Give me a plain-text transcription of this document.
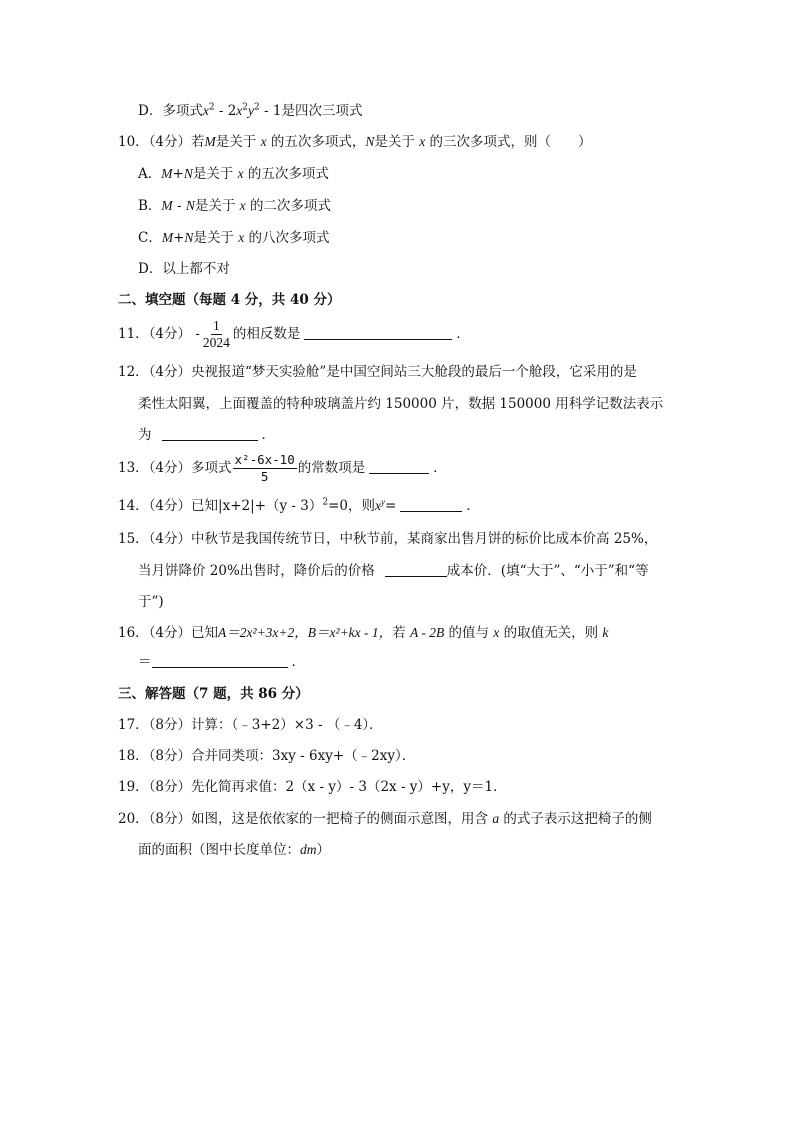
D．多项式$x^2 - 2x^2y^2 - 1$是四次三项式
10．（4分）若M是关于 x 的五次多项式，N是关于 x 的三次多项式，则（　　）
A．M+N是关于 x 的五次多项式
B．M - N是关于 x 的二次多项式
C．M+N是关于 x 的八次多项式
D．以上都不对
二、填空题（每题 4 分，共 40 分）
11．（4分） - $\frac{1}{2024}$ 的相反数是	．
12．（4分）央视报道“梦天实验舱”是中国空间站三大舱段的最后一个舱段，它采用的是
柔性太阳翼，上面覆盖的特种玻璃盖片约 150000 片，数据 150000 用科学记数法表示
为	．
13．（4分）多项式 $\frac{\text{x²-6x-10}}{5}$ 的常数项是	．
14．（4分）已知|x+2|+（y - 3）$^2$=0，则$x^y=$	．
15．（4分）中秋节是我国传统节日，中秋节前，某商家出售月饼的标价比成本价高 25%，
当月饼降价 20%出售时，降价后的价格	成本价．(填“大于”、“小于”和“等
于”)
16．（4分）已知A＝2x²+3x+2，B＝x²+kx - 1，若 A - 2B 的值与 x 的取值无关，则 k
＝	．
三、解答题（7 题，共 86 分）
17．（8分）计算：（﹣3+2）×3 - （﹣4）．
18．（8分）合并同类项：3xy - 6xy+（﹣2xy）．
19．（8分）先化简再求值：2（x - y）- 3（2x - y）+y，y＝1．
20．（8分）如图，这是依依家的一把椅子的侧面示意图，用含 a 的式子表示这把椅子的侧
面的面积（图中长度单位：dm）
